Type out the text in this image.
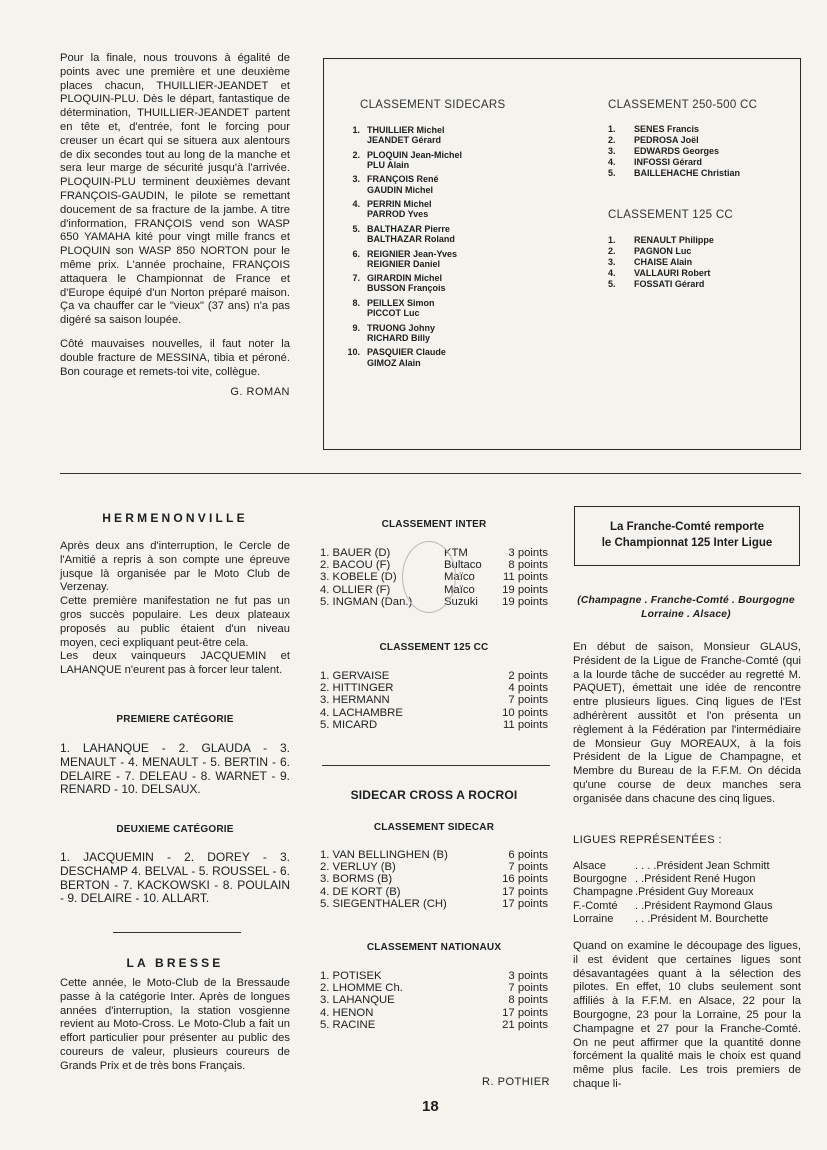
Pour la finale, nous trouvons à égalité de points avec une première et une deuxième places chacun, THUILLIER-JEANDET et PLOQUIN-PLU. Dès le départ, fantastique de détermination, THUILLIER-JEANDET partent en tête et, d'entrée, font le forcing pour creuser un écart qui se situera aux alentours de dix secondes tout au long de la manche et sera leur marge de sécurité jusqu'à l'arrivée. PLOQUIN-PLU terminent deuxièmes devant FRANÇOIS-GAUDIN, le pilote se remettant doucement de sa fracture de la jambe. A titre d'information, FRANÇOIS vend son WASP 650 YAMAHA kité pour vingt mille francs et PLOQUIN son WASP 850 NORTON pour le même prix. L'année prochaine, FRANÇOIS attaquera le Championnat de France et d'Europe équipé d'un Norton préparé maison. Ça va chauffer car le "vieux" (37 ans) n'a pas digéré sa saison loupée.

Côté mauvaises nouvelles, il faut noter la double fracture de MESSINA, tibia et péroné. Bon courage et remets-toi vite, collègue.

G. ROMAN

CLASSEMENT SIDECARS
1. THUILLIER Michel
JEANDET Gérard
2. PLOQUIN Jean-Michel
PLU Alain
3. FRANÇOIS René
GAUDIN Michel
4. PERRIN Michel
PARROD Yves
5. BALTHAZAR Pierre
BALTHAZAR Roland
6. REIGNIER Jean-Yves
REIGNIER Daniel
7. GIRARDIN Michel
BUSSON François
8. PEILLEX Simon
PICCOT Luc
9. TRUONG Johny
RICHARD Billy
10. PASQUIER Claude
GIMOZ Alain
CLASSEMENT 250-500 CC
1. SENES Francis
2. PEDROSA Joël
3. EDWARDS Georges
4. INFOSSI Gérard
5. BAILLEHACHE Christian
CLASSEMENT 125 CC
1. RENAULT Philippe
2. PAGNON Luc
3. CHAISE Alain
4. VALLAURI Robert
5. FOSSATI Gérard
HERMENONVILLE

Après deux ans d'interruption, le Cercle de l'Amitié a repris à son compte une épreuve jusque là organisée par le Moto Club de Verzenay.

Cette première manifestation ne fut pas un gros succès populaire. Les deux plateaux proposés au public étaient d'un niveau moyen, ceci expliquant peut-être cela.

Les deux vainqueurs JACQUEMIN et LAHANQUE n'eurent pas à forcer leur talent.

PREMIERE CATÉGORIE
1. LAHANQUE - 2. GLAUDA - 3. MENAULT - 4. MENAULT - 5. BERTIN - 6. DELAIRE - 7. DELEAU - 8. WARNET - 9. RENARD - 10. DELSAUX.
DEUXIEME CATÉGORIE
1. JACQUEMIN - 2. DOREY - 3. DESCHAMP 4. BELVAL - 5. ROUSSEL - 6. BERTON - 7. KACKOWSKI - 8. POULAIN - 9. DELAIRE - 10. ALLART.
LA BRESSE
Cette année, le Moto-Club de la Bressaude passe à la catégorie Inter. Après de longues années d'interruption, la station vosgienne revient au Moto-Cross. Le Moto-Club a fait un effort particulier pour présenter au public des coureurs de valeur, plusieurs coureurs de Grands Prix et de très bons Français.
CLASSEMENT INTER
1. BAUER (D)	KTM	3 points
2. BACOU (F)	Bultaco 8 points
3. KOBELE (D)	Maïco 11 points
4. OLLIER (F)	Maïco 19 points
5. INGMAN (Dan.)	Suzuki 19 points
CLASSEMENT 125 CC
1. GERVAISE	2 points
2. HITTINGER	4 points
3. HERMANN	7 points
4. LACHAMBRE	10 points
5. MICARD	11 points
SIDECAR CROSS A ROCROI
CLASSEMENT SIDECAR
1. VAN BELLINGHEN (B)	6 points
2. VERLUY (B)	7 points
3. BORMS (B)	16 points
4. DE KORT (B)	17 points
5. SIEGENTHALER (CH)	17 points
CLASSEMENT NATIONAUX
1. POTISEK	3 points
2. LHOMME Ch.	7 points
3. LAHANQUE	8 points
4. HENON	17 points
5. RACINE	21 points
R. POTHIER
La Franche-Comté remporte
le Championnat 125 Inter Ligue
(Champagne . Franche-Comté . Bourgogne
Lorraine . Alsace)
En début de saison, Monsieur GLAUS, Président de la Ligue de Franche-Comté (qui a la lourde tâche de succéder au regretté M. PAQUET), émettait une idée de rencontre entre plusieurs ligues. Cinq ligues de l'Est adhérèrent aussitôt et l'on présenta un règlement à la Fédération par l'intermédiaire de Monsieur Guy MOREAUX, à la fois Président de la Ligue de Champagne, et Membre du Bureau de la F.F.M. On décida qu'une course de deux manches sera organisée dans chacune des cinq ligues.
LIGUES REPRÉSENTÉES :
Alsace	. . . .Président Jean Schmitt
Bourgogne . .Président René Hugon
Champagne .Président Guy Moreaux
F.-Comté . .Président Raymond Glaus
Lorraine . . .Président M. Bourchette
Quand on examine le découpage des ligues, il est évident que certaines ligues sont désavantagées quant à la sélection des pilotes. En effet, 10 clubs seulement sont affiliés à la F.F.M. en Alsace, 22 pour la Bourgogne, 23 pour la Lorraine, 25 pour la Champagne et 27 pour la Franche-Comté. On ne peut affirmer que la quantité donne forcément la qualité mais le choix est quand même plus facile. Les trois premiers de chaque li-
18
